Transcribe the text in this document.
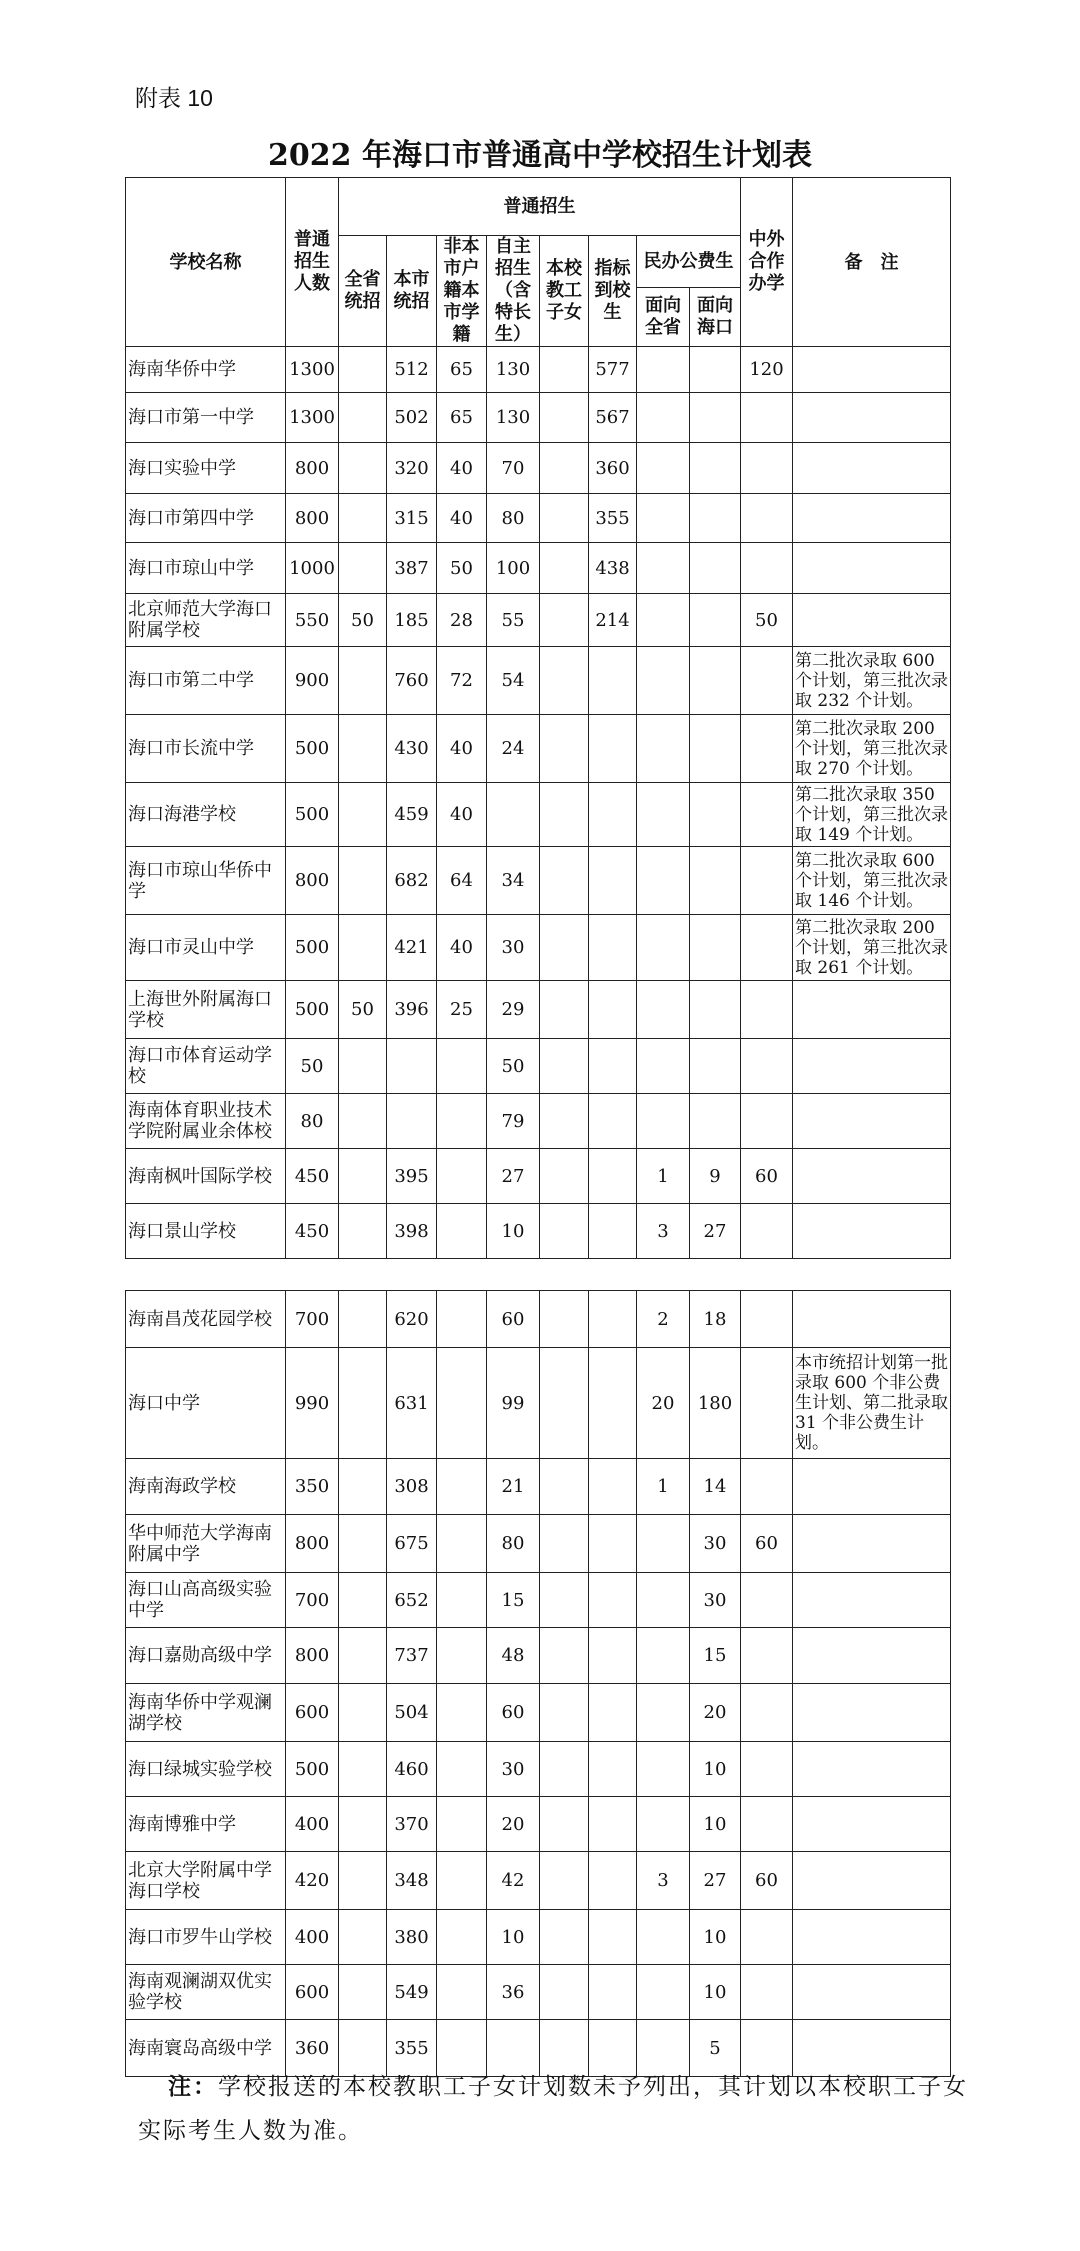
附表 10
2022 年海口市普通高中学校招生计划表
学校名称	普通招生人数	普通招生								中外合作办学	备　注
		全省统招	本市统招	非本市户籍本市学籍	自主招生（含特长生）	本校教工子女	指标到校生	民办公费生			
								面向全省	面向海口		
海南华侨中学	1300		512	65	130		577			120	
海口市第一中学	1300		502	65	130		567				
海口实验中学	800		320	40	70		360				
海口市第四中学	800		315	40	80		355				
海口市琼山中学	1000		387	50	100		438				
北京师范大学海口附属学校	550	50	185	28	55		214			50	
海口市第二中学	900		760	72	54						第二批次录取 600 个计划，第三批次录取 232 个计划。
海口市长流中学	500		430	40	24						第二批次录取 200 个计划，第三批次录取 270 个计划。
海口海港学校	500		459	40							第二批次录取 350 个计划，第三批次录取 149 个计划。
海口市琼山华侨中学	800		682	64	34						第二批次录取 600 个计划，第三批次录取 146 个计划。
海口市灵山中学	500		421	40	30						第二批次录取 200 个计划，第三批次录取 261 个计划。
上海世外附属海口学校	500	50	396	25	29						
海口市体育运动学校	50				50						
海南体育职业技术学院附属业余体校	80				79						
海南枫叶国际学校	450		395		27			1	9	60	
海口景山学校	450		398		10			3	27		
海南昌茂花园学校	700		620		60			2	18		
海口中学	990		631		99			20	180		本市统招计划第一批录取 600 个非公费生计划、第二批录取 31 个非公费生计划。
海南海政学校	350		308		21			1	14		
华中师范大学海南附属中学	800		675		80				30	60	
海口山高高级实验中学	700		652		15				30		
海口嘉勋高级中学	800		737		48				15		
海南华侨中学观澜湖学校	600		504		60				20		
海口绿城实验学校	500		460		30				10		
海南博雅中学	400		370		20				10		
北京大学附属中学海口学校	420		348		42			3	27	60	
海口市罗牛山学校	400		380		10				10		
海南观澜湖双优实验学校	600		549		36				10		
海南寰岛高级中学	360		355						5		
注：学校报送的本校教职工子女计划数未予列出，其计划以本校职工子女实际考生人数为准。
